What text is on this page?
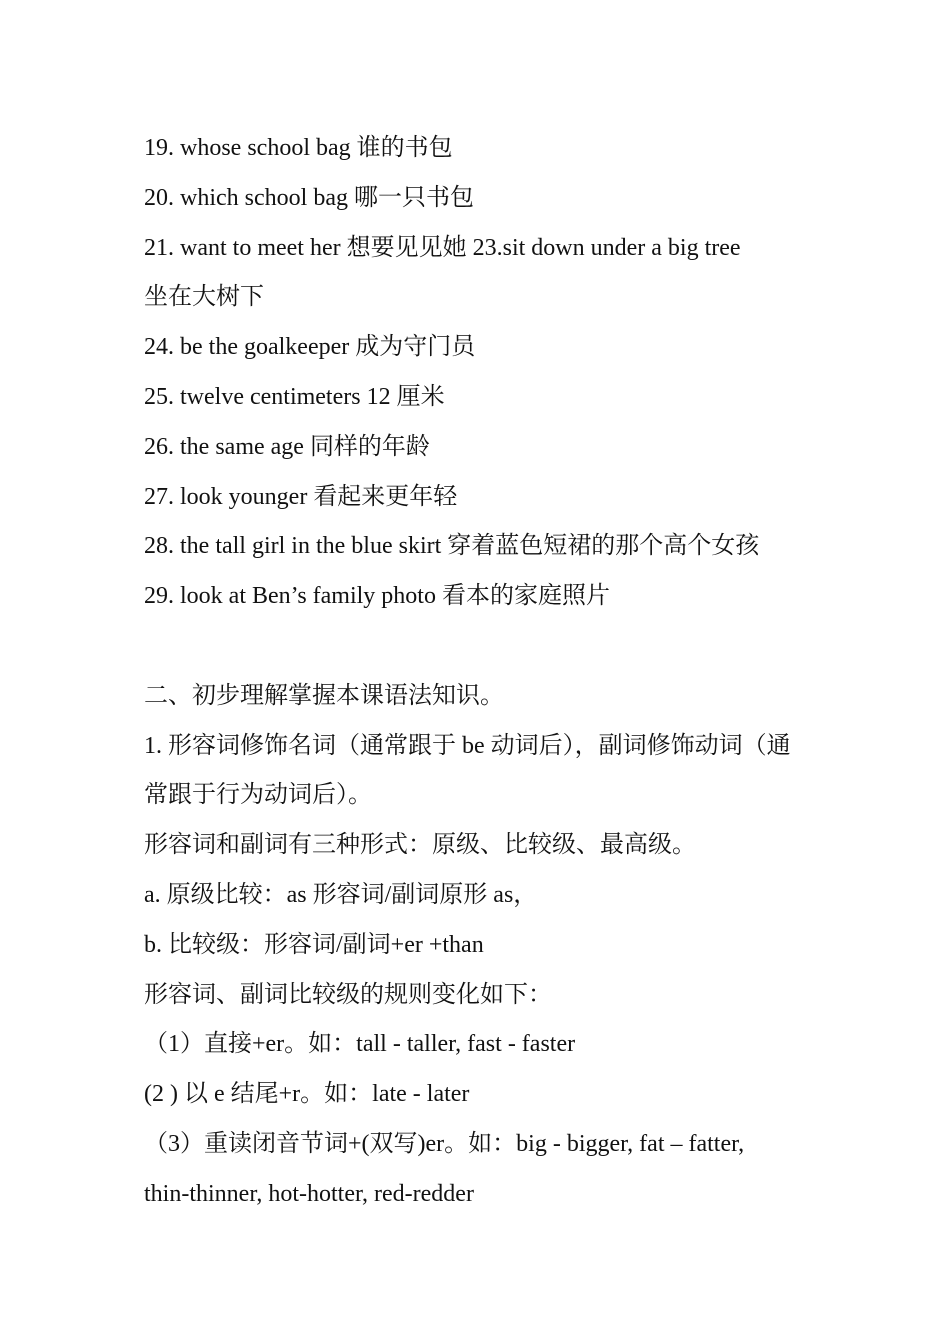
19. whose school bag 谁的书包
20. which school bag 哪一只书包
21. want to meet her 想要见见她 23.sit down under a big tree
坐在大树下
24. be the goalkeeper 成为守门员
25. twelve centimeters 12 厘米
26. the same age 同样的年龄
27. look younger 看起来更年轻
28. the tall girl in the blue skirt 穿着蓝色短裙的那个高个女孩
29. look at Ben’s family photo 看本的家庭照片
二、初步理解掌握本课语法知识。
1. 形容词修饰名词（通常跟于 be 动词后），副词修饰动词（通
常跟于行为动词后）。
形容词和副词有三种形式：原级、比较级、最高级。
a. 原级比较：as 形容词/副词原形 as，
b. 比较级：形容词/副词+er +than
形容词、副词比较级的规则变化如下：
（1）直接+er。如：tall - taller, fast - faster
(2 ) 以 e 结尾+r。如：late - later
（3）重读闭音节词+(双写)er。如：big - bigger, fat – fatter,
thin-thinner, hot-hotter, red-redder
